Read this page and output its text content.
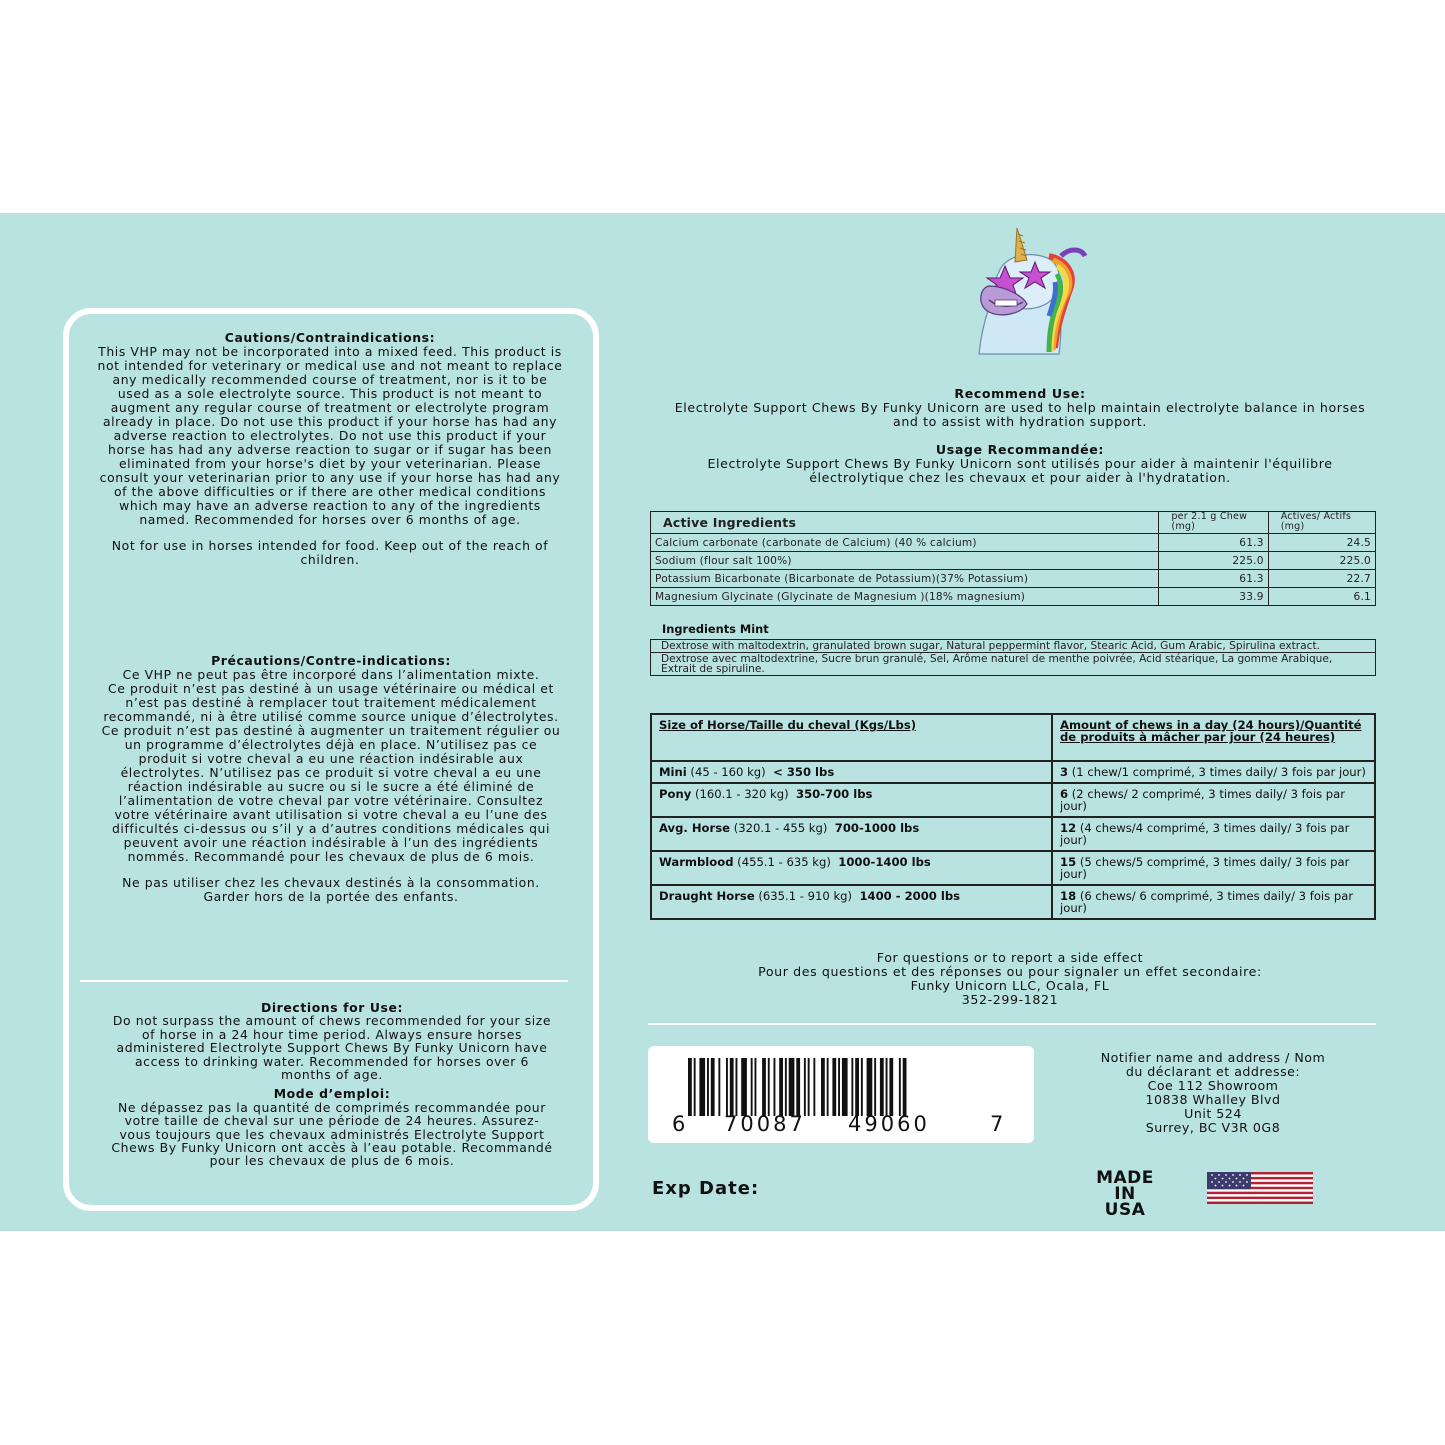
Cautions/Contraindications:

This VHP may not be incorporated into a mixed feed. This product is not intended for veterinary or medical use and not meant to replace any medically recommended course of treatment, nor is it to be used as a sole electrolyte source. This product is not meant to augment any regular course of treatment or electrolyte program already in place. Do not use this product if your horse has had any adverse reaction to electrolytes. Do not use this product if your horse has had any adverse reaction to sugar or if sugar has been eliminated from your horse's diet by your veterinarian. Please consult your veterinarian prior to any use if your horse has had any of the above difficulties or if there are other medical conditions which may have an adverse reaction to any of the ingredients named. Recommended for horses over 6 months of age.

Not for use in horses intended for food. Keep out of the reach of children.

Précautions/Contre-indications:

Ce VHP ne peut pas être incorporé dans l’alimentation mixte.

Ce produit n’est pas destiné à un usage vétérinaire ou médical et n’est pas destiné à remplacer tout traitement médicalement recommandé, ni à être utilisé comme source unique d’électrolytes. Ce produit n’est pas destiné à augmenter un traitement régulier ou un programme d’électrolytes déjà en place. N’utilisez pas ce produit si votre cheval a eu une réaction indésirable aux électrolytes. N’utilisez pas ce produit si votre cheval a eu une réaction indésirable au sucre ou si le sucre a été éliminé de l’alimentation de votre cheval par votre vétérinaire. Consultez votre vétérinaire avant utilisation si votre cheval a eu l’une des difficultés ci-dessus ou s’il y a d’autres conditions médicales qui peuvent avoir une réaction indésirable à l’un des ingrédients nommés. Recommandé pour les chevaux de plus de 6 mois.

Ne pas utiliser chez les chevaux destinés à la consommation. Garder hors de la portée des enfants.

Directions for Use:

Do not surpass the amount of chews recommended for your size of horse in a 24 hour time period. Always ensure horses administered Electrolyte Support Chews By Funky Unicorn have access to drinking water. Recommended for horses over 6 months of age.

Mode d’emploi:

Ne dépassez pas la quantité de comprimés recommandée pour votre taille de cheval sur une période de 24 heures. Assurez-vous toujours que les chevaux administrés Electrolyte Support Chews By Funky Unicorn ont accès à l’eau potable. Recommandé pour les chevaux de plus de 6 mois.

Recommend Use:

Electrolyte Support Chews By Funky Unicorn are used to help maintain electrolyte balance in horses and to assist with hydration support.

Usage Recommandée:

Electrolyte Support Chews By Funky Unicorn sont utilisés pour aider à maintenir l'équilibre électrolytique chez les chevaux et pour aider à l'hydratation.

Active Ingredients	per 2.1 g Chew (mg)	Actives/ Actifs (mg)
Calcium carbonate (carbonate de Calcium) (40 % calcium)	61.3	24.5
Sodium (flour salt 100%)	225.0	225.0
Potassium Bicarbonate (Bicarbonate de Potassium)(37% Potassium)	61.3	22.7
Magnesium Glycinate (Glycinate de Magnesium )(18% magnesium)	33.9	6.1
Ingredients Mint
Dextrose with maltodextrin, granulated brown sugar, Natural peppermint flavor, Stearic Acid, Gum Arabic, Spirulina extract.
Dextrose avec maltodextrine, Sucre brun granulé, Sel, Arôme naturel de menthe poivrée, Acid stéarique, La gomme Arabique, Extrait de spiruline.
Size of Horse/Taille du cheval (Kgs/Lbs)	Amount of chews in a day (24 hours)/Quantité de produits à mâcher par jour (24 heures)
Mini (45 - 160 kg) < 350 lbs	3 (1 chew/1 comprimé, 3 times daily/ 3 fois par jour)
Pony (160.1 - 320 kg) 350-700 lbs	6 (2 chews/ 2 comprimé, 3 times daily/ 3 fois par jour)
Avg. Horse (320.1 - 455 kg) 700-1000 lbs	12 (4 chews/4 comprimé, 3 times daily/ 3 fois par jour)
Warmblood (455.1 - 635 kg) 1000-1400 lbs	15 (5 chews/5 comprimé, 3 times daily/ 3 fois par jour)
Draught Horse (635.1 - 910 kg) 1400 - 2000 lbs	18 (6 chews/ 6 comprimé, 3 times daily/ 3 fois par jour)
For questions or to report a side effect
Pour des questions et des réponses ou pour signaler un effet secondaire:
Funky Unicorn LLC, Ocala, FL
352-299-1821
6 70087 49060	7
Notifier name and address / Nom
du déclarant et addresse:
Coe 112 Showroom
10838 Whalley Blvd
Unit 524
Surrey, BC V3R 0G8
Exp Date:	MADE
IN
USA
